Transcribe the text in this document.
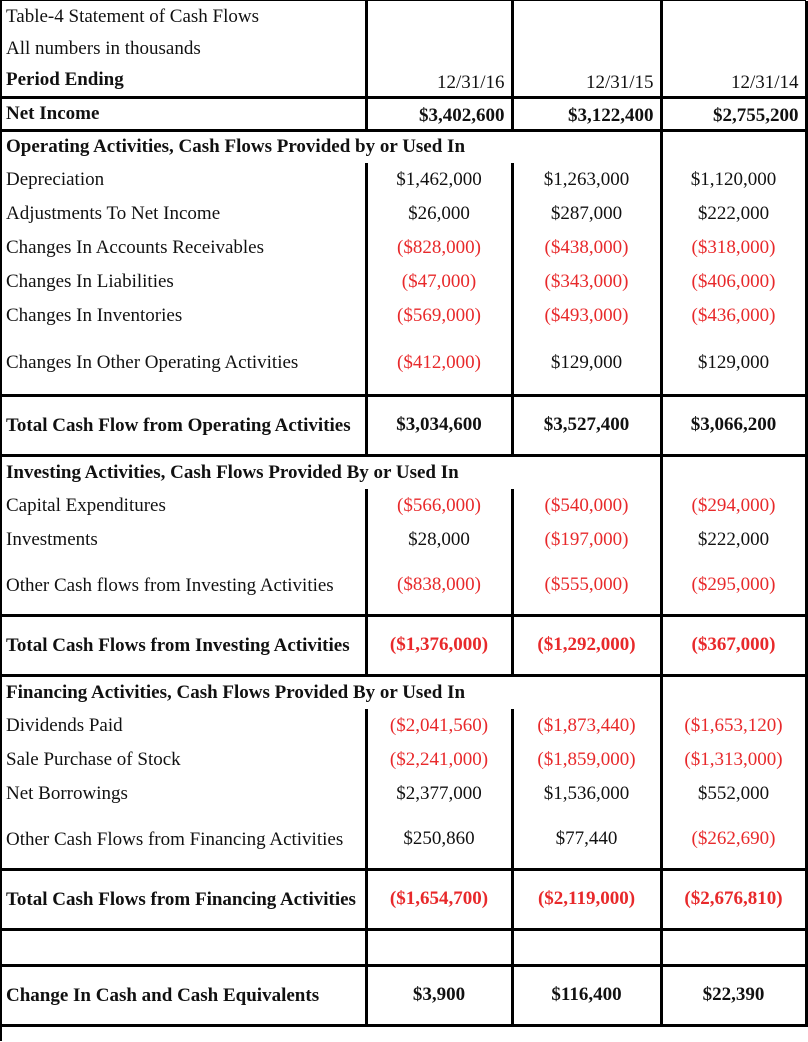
Table-4 Statement of Cash Flows			
All numbers in thousands			
Period Ending	12/31/16	12/31/15	12/31/14
Net Income	$3,402,600	$3,122,400	$2,755,200
Operating Activities, Cash Flows Provided by or Used In			
Depreciation	$1,462,000	$1,263,000	$1,120,000
Adjustments To Net Income	$26,000	$287,000	$222,000
Changes In Accounts Receivables	($828,000)	($438,000)	($318,000)
Changes In Liabilities	($47,000)	($343,000)	($406,000)
Changes In Inventories	($569,000)	($493,000)	($436,000)
Changes In Other Operating Activities	($412,000)	$129,000	$129,000
Total Cash Flow from Operating Activities	$3,034,600	$3,527,400	$3,066,200
Investing Activities, Cash Flows Provided By or Used In			
Capital Expenditures	($566,000)	($540,000)	($294,000)
Investments	$28,000	($197,000)	$222,000
Other Cash flows from Investing Activities	($838,000)	($555,000)	($295,000)
Total Cash Flows from Investing Activities	($1,376,000)	($1,292,000)	($367,000)
Financing Activities, Cash Flows Provided By or Used In			
Dividends Paid	($2,041,560)	($1,873,440)	($1,653,120)
Sale Purchase of Stock	($2,241,000)	($1,859,000)	($1,313,000)
Net Borrowings	$2,377,000	$1,536,000	$552,000
Other Cash Flows from Financing Activities	$250,860	$77,440	($262,690)
Total Cash Flows from Financing Activities	($1,654,700)	($2,119,000)	($2,676,810)

Change In Cash and Cash Equivalents	$3,900	$116,400	$22,390
